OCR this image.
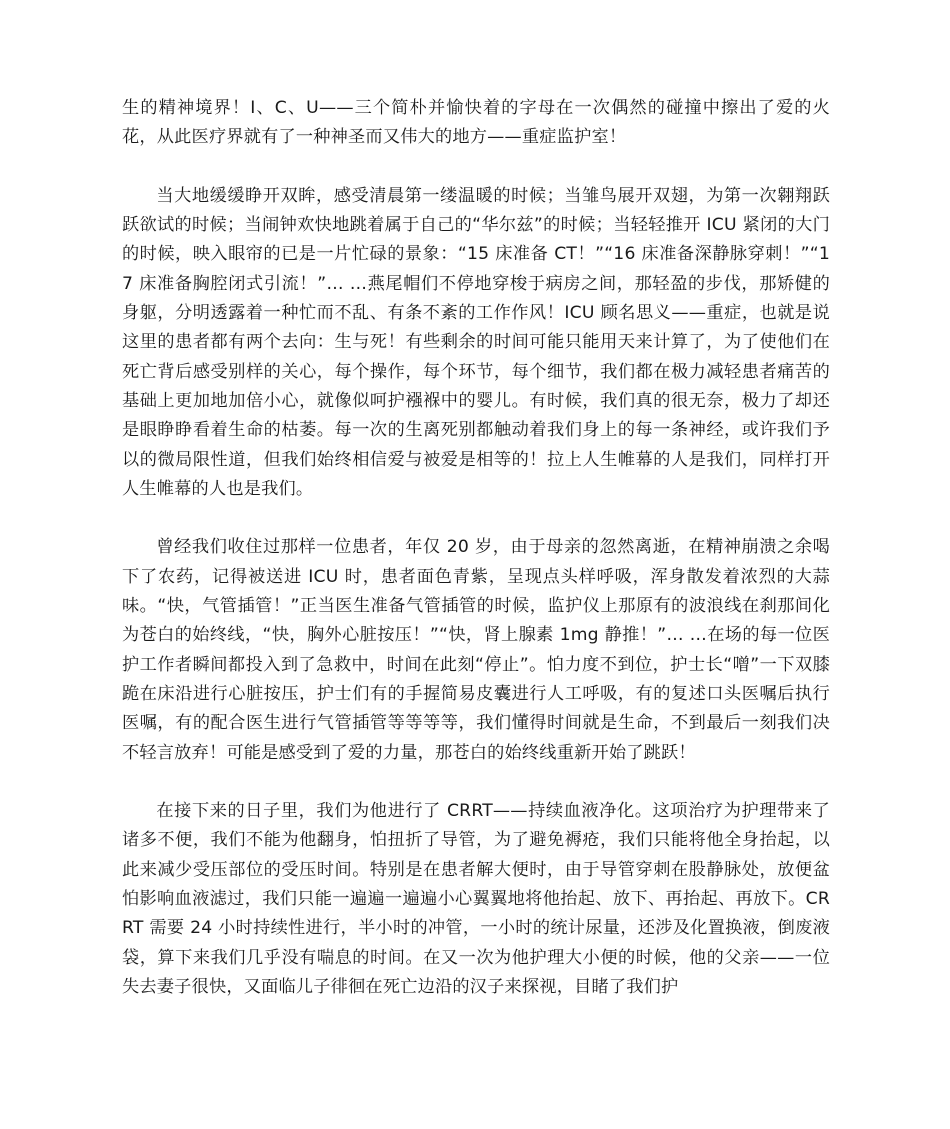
生的精神境界！I、C、U——三个简朴并愉快着的字母在一次偶然的碰撞中擦出了爱的火花，从此医疗界就有了一种神圣而又伟大的地方——重症监护室！

当大地缓缓睁开双眸，感受清晨第一缕温暖的时候；当雏鸟展开双翅，为第一次翱翔跃跃欲试的时候；当闹钟欢快地跳着属于自己的“华尔兹”的时候；当轻轻推开 ICU 紧闭的大门的时候，映入眼帘的已是一片忙碌的景象：“15 床准备 CT！”“16 床准备深静脉穿刺！”“17 床准备胸腔闭式引流！”… …燕尾帽们不停地穿梭于病房之间，那轻盈的步伐，那矫健的身躯，分明透露着一种忙而不乱、有条不紊的工作作风！ICU 顾名思义——重症，也就是说这里的患者都有两个去向：生与死！有些剩余的时间可能只能用天来计算了，为了使他们在死亡背后感受别样的关心，每个操作，每个环节，每个细节，我们都在极力减轻患者痛苦的基础上更加地加倍小心，就像似呵护襁褓中的婴儿。有时候，我们真的很无奈，极力了却还是眼睁睁看着生命的枯萎。每一次的生离死别都触动着我们身上的每一条神经，或许我们予以的微局限性道，但我们始终相信爱与被爱是相等的！拉上人生帷幕的人是我们，同样打开人生帷幕的人也是我们。

曾经我们收住过那样一位患者，年仅 20 岁，由于母亲的忽然离逝，在精神崩溃之余喝下了农药，记得被送进 ICU 时，患者面色青紫，呈现点头样呼吸，浑身散发着浓烈的大蒜味。“快，气管插管！”正当医生准备气管插管的时候，监护仪上那原有的波浪线在刹那间化为苍白的始终线，“快，胸外心脏按压！”“快，肾上腺素 1mg 静推！”… …在场的每一位医护工作者瞬间都投入到了急救中，时间在此刻“停止”。怕力度不到位，护士长“噌”一下双膝跪在床沿进行心脏按压，护士们有的手握简易皮囊进行人工呼吸，有的复述口头医嘱后执行医嘱，有的配合医生进行气管插管等等等等，我们懂得时间就是生命，不到最后一刻我们决不轻言放弃！可能是感受到了爱的力量，那苍白的始终线重新开始了跳跃！

在接下来的日子里，我们为他进行了 CRRT——持续血液净化。这项治疗为护理带来了诸多不便，我们不能为他翻身，怕扭折了导管，为了避免褥疮，我们只能将他全身抬起，以此来减少受压部位的受压时间。特别是在患者解大便时，由于导管穿刺在股静脉处，放便盆怕影响血液滤过，我们只能一遍遍一遍遍小心翼翼地将他抬起、放下、再抬起、再放下。CRRT 需要 24 小时持续性进行，半小时的冲管，一小时的统计尿量，还涉及化置换液，倒废液袋，算下来我们几乎没有喘息的时间。在又一次为他护理大小便的时候，他的父亲——一位失去妻子很快，又面临儿子徘徊在死亡边沿的汉子来探视，目睹了我们护
